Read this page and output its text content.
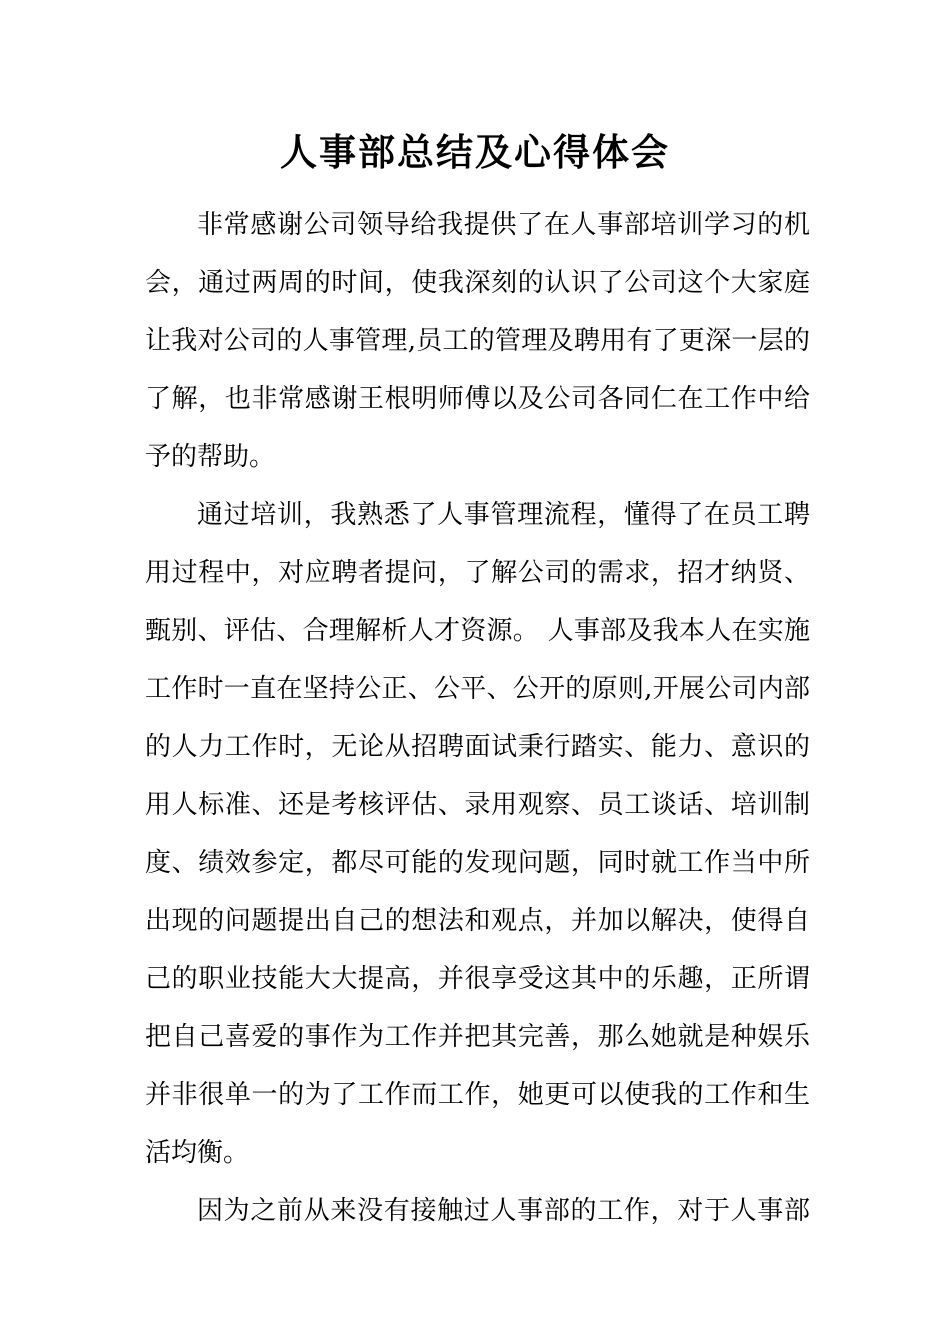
人事部总结及心得体会
非常感谢公司领导给我提供了在人事部培训学习的机
会，通过两周的时间，使我深刻的认识了公司这个大家庭
让我对公司的人事管理,员工的管理及聘用有了更深一层的
了解，也非常感谢王根明师傅以及公司各同仁在工作中给
予的帮助。
通过培训，我熟悉了人事管理流程，懂得了在员工聘
用过程中，对应聘者提问，了解公司的需求，招才纳贤、
甄别、评估、合理解析人才资源。 人事部及我本人在实施
工作时一直在坚持公正、公平、公开的原则,开展公司内部
的人力工作时，无论从招聘面试秉行踏实、能力、意识的
用人标准、还是考核评估、录用观察、员工谈话、培训制
度、绩效参定，都尽可能的发现问题，同时就工作当中所
出现的问题提出自己的想法和观点，并加以解决，使得自
己的职业技能大大提高，并很享受这其中的乐趣，正所谓
把自己喜爱的事作为工作并把其完善，那么她就是种娱乐
并非很单一的为了工作而工作，她更可以使我的工作和生
活均衡。
因为之前从来没有接触过人事部的工作，对于人事部
